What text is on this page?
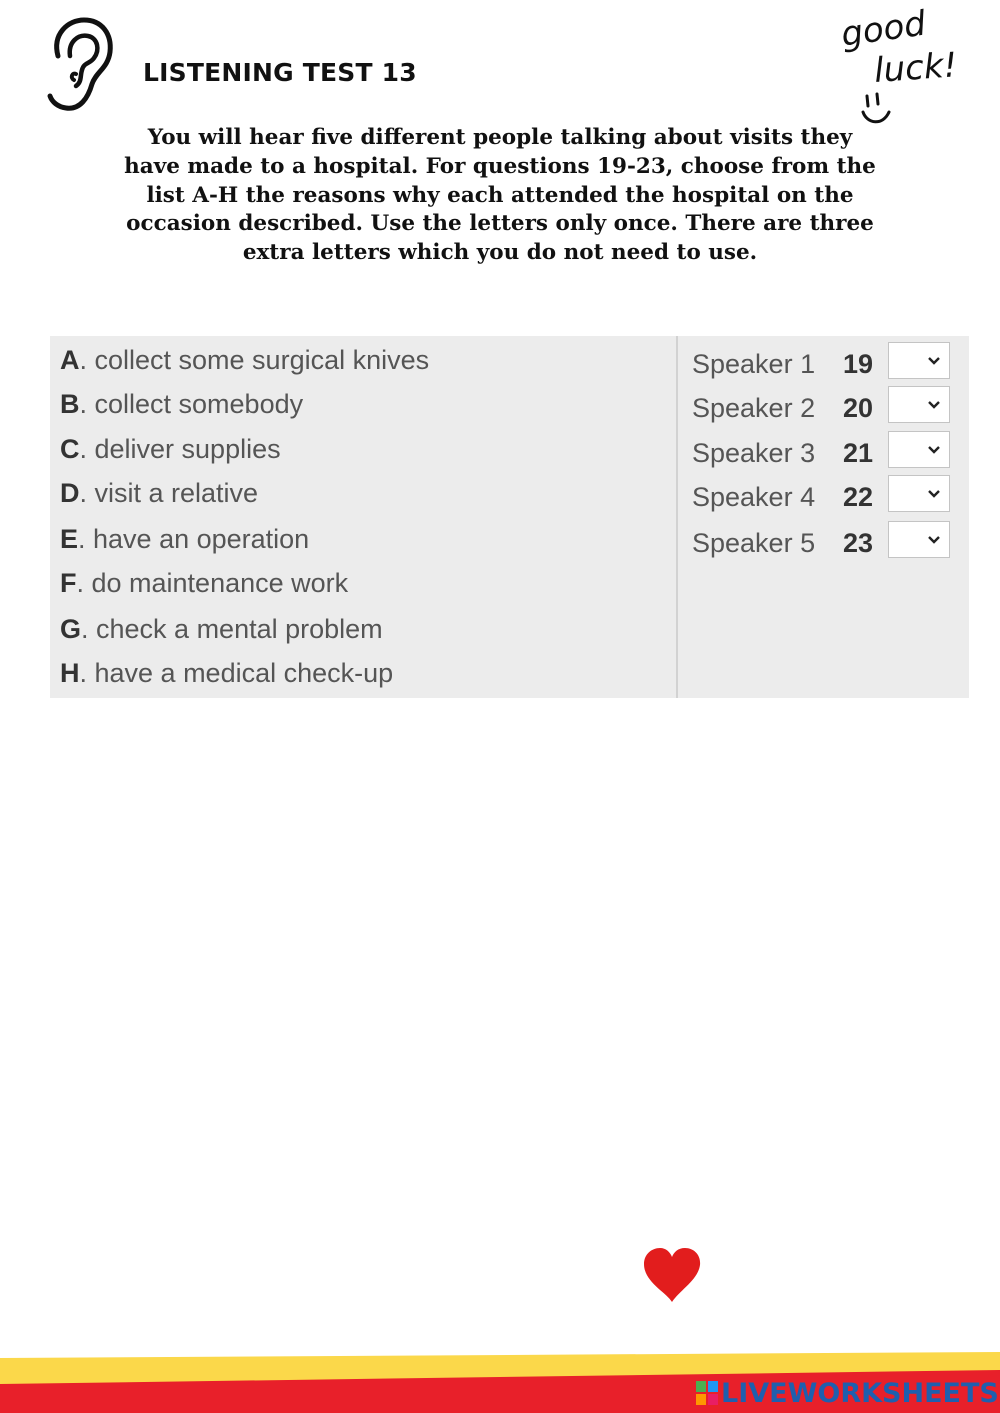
LISTENING TEST 13
good
luck!

You will hear five different people talking about visits they have made to a hospital. For questions 19-23, choose from the list A-H the reasons why each attended the hospital on the occasion described. Use the letters only once. There are three extra letters which you do not need to use.

A. collect some surgical knives
B. collect somebody
C. deliver supplies
D. visit a relative
E. have an operation
F. do maintenance work
G. check a mental problem
H. have a medical check-up
Speaker 1 19
Speaker 2 20
Speaker 3 21
Speaker 4 22
Speaker 5 23
LIVEWORKSHEETS
